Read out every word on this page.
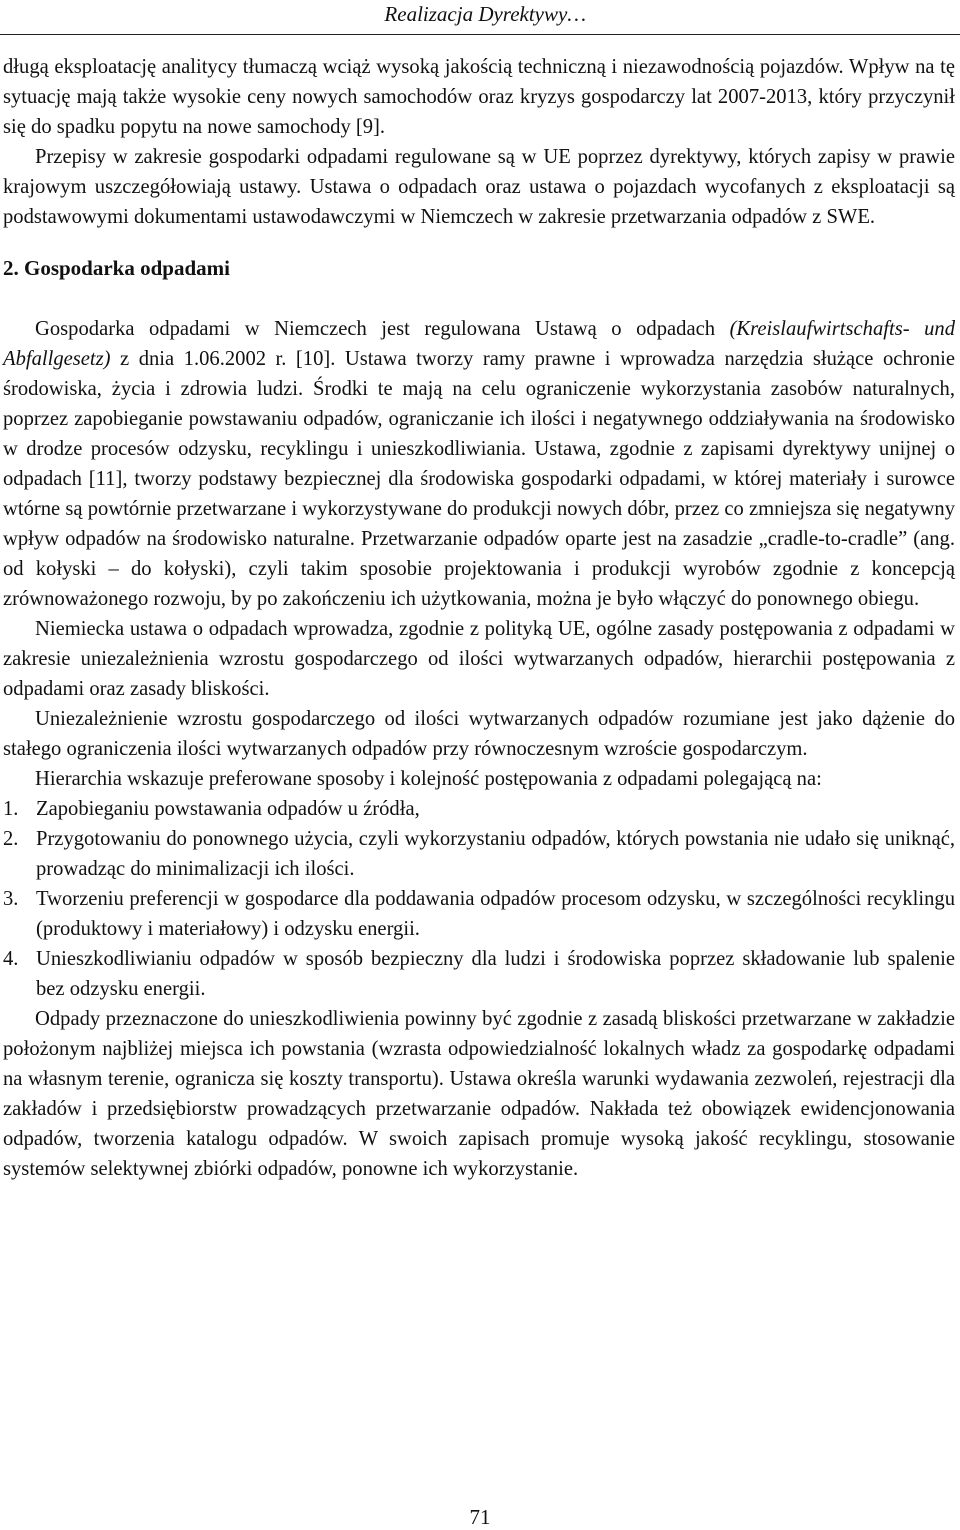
Realizacja Dyrektywy…

długą eksploatację analitycy tłumaczą wciąż wysoką jakością techniczną i niezawodnością pojazdów. Wpływ na tę sytuację mają także wysokie ceny nowych samochodów oraz kryzys gospodarczy lat 2007-2013, który przyczynił się do spadku popytu na nowe samochody [9].

Przepisy w zakresie gospodarki odpadami regulowane są w UE poprzez dyrektywy, których zapisy w prawie krajowym uszczegółowiają ustawy. Ustawa o odpadach oraz ustawa o pojazdach wycofanych z eksploatacji są podstawowymi dokumentami ustawodawczymi w Niemczech w zakresie przetwarzania odpadów z SWE.

2. Gospodarka odpadami

Gospodarka odpadami w Niemczech jest regulowana Ustawą o odpadach (Kreislaufwirtschafts- und Abfallgesetz) z dnia 1.06.2002 r. [10]. Ustawa tworzy ramy prawne i wprowadza narzędzia służące ochronie środowiska, życia i zdrowia ludzi. Środki te mają na celu ograniczenie wykorzystania zasobów naturalnych, poprzez zapobieganie powstawaniu odpadów, ograniczanie ich ilości i negatywnego oddziaływania na środowisko w drodze procesów odzysku, recyklingu i unieszkodliwiania. Ustawa, zgodnie z zapisami dyrektywy unijnej o odpadach [11], tworzy podstawy bezpiecznej dla środowiska gospodarki odpadami, w której materiały i surowce wtórne są powtórnie przetwarzane i wykorzystywane do produkcji nowych dóbr, przez co zmniejsza się negatywny wpływ odpadów na środowisko naturalne. Przetwarzanie odpadów oparte jest na zasadzie „cradle-to-cradle” (ang. od kołyski – do kołyski), czyli takim sposobie projektowania i produkcji wyrobów zgodnie z koncepcją zrównoważonego rozwoju, by po zakończeniu ich użytkowania, można je było włączyć do ponownego obiegu.

Niemiecka ustawa o odpadach wprowadza, zgodnie z polityką UE, ogólne zasady postępowania z odpadami w zakresie uniezależnienia wzrostu gospodarczego od ilości wytwarzanych odpadów, hierarchii postępowania z odpadami oraz zasady bliskości.

Uniezależnienie wzrostu gospodarczego od ilości wytwarzanych odpadów rozumiane jest jako dążenie do stałego ograniczenia ilości wytwarzanych odpadów przy równoczesnym wzroście gospodarczym.

Hierarchia wskazuje preferowane sposoby i kolejność postępowania z odpadami polegającą na:

1. Zapobieganiu powstawania odpadów u źródła,
2. Przygotowaniu do ponownego użycia, czyli wykorzystaniu odpadów, których powstania nie udało się uniknąć, prowadząc do minimalizacji ich ilości.
3. Tworzeniu preferencji w gospodarce dla poddawania odpadów procesom odzysku, w szczególności recyklingu (produktowy i materiałowy) i odzysku energii.
4. Unieszkodliwianiu odpadów w sposób bezpieczny dla ludzi i środowiska poprzez składowanie lub spalenie bez odzysku energii.

Odpady przeznaczone do unieszkodliwienia powinny być zgodnie z zasadą bliskości przetwarzane w zakładzie położonym najbliżej miejsca ich powstania (wzrasta odpowiedzialność lokalnych władz za gospodarkę odpadami na własnym terenie, ogranicza się koszty transportu). Ustawa określa warunki wydawania zezwoleń, rejestracji dla zakładów i przedsiębiorstw prowadzących przetwarzanie odpadów. Nakłada też obowiązek ewidencjonowania odpadów, tworzenia katalogu odpadów. W swoich zapisach promuje wysoką jakość recyklingu, stosowanie systemów selektywnej zbiórki odpadów, ponowne ich wykorzystanie.

71
